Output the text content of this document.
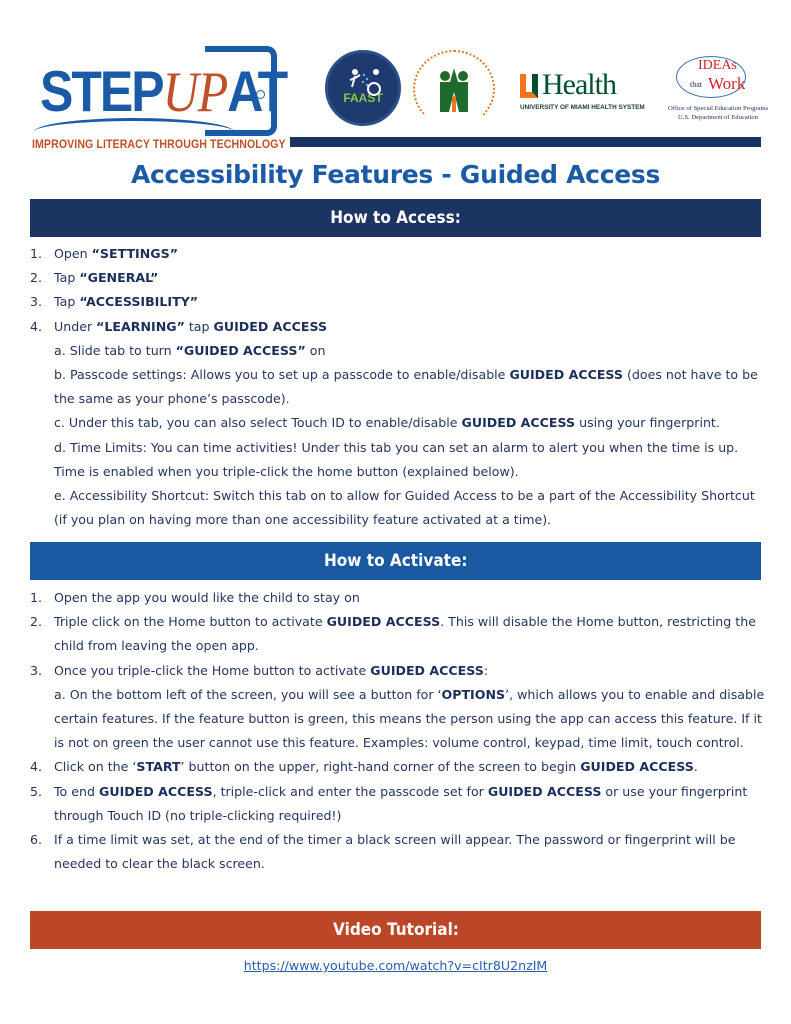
STEPUPAT
IMPROVING LITERACY THROUGH TECHNOLOGY
FAAST	Health
UNIVERSITY OF MIAMI HEALTH SYSTEM
IDEAs
that Work
Office of Special Education Programs
U.S. Department of Education
Accessibility Features - Guided Access
How to Access:
1. Open “SETTINGS”
2. Tap “GENERAL”
3. Tap “ACCESSIBILITY”
4. Under “LEARNING” tap GUIDED ACCESS
a. Slide tab to turn “GUIDED ACCESS” on
b. Passcode settings: Allows you to set up a passcode to enable/disable GUIDED ACCESS (does not have to be the same as your phone’s passcode).
c. Under this tab, you can also select Touch ID to enable/disable GUIDED ACCESS using your fingerprint.
d. Time Limits: You can time activities! Under this tab you can set an alarm to alert you when the time is up. Time is enabled when you triple-click the home button (explained below).
e. Accessibility Shortcut: Switch this tab on to allow for Guided Access to be a part of the Accessibility Shortcut (if you plan on having more than one accessibility feature activated at a time).
How to Activate:
1. Open the app you would like the child to stay on
2. Triple click on the Home button to activate GUIDED ACCESS. This will disable the Home button, restricting the child from leaving the open app.
3. Once you triple-click the Home button to activate GUIDED ACCESS:
a. On the bottom left of the screen, you will see a button for ‘OPTIONS’, which allows you to enable and disable certain features. If the feature button is green, this means the person using the app can access this feature. If it is not on green the user cannot use this feature. Examples: volume control, keypad, time limit, touch control.
4. Click on the ‘START’ button on the upper, right-hand corner of the screen to begin GUIDED ACCESS.
5. To end GUIDED ACCESS, triple-click and enter the passcode set for GUIDED ACCESS or use your fingerprint through Touch ID (no triple-clicking required!)
6. If a time limit was set, at the end of the timer a black screen will appear. The password or fingerprint will be needed to clear the black screen.
Video Tutorial:
https://www.youtube.com/watch?v=cItr8U2nzIM
